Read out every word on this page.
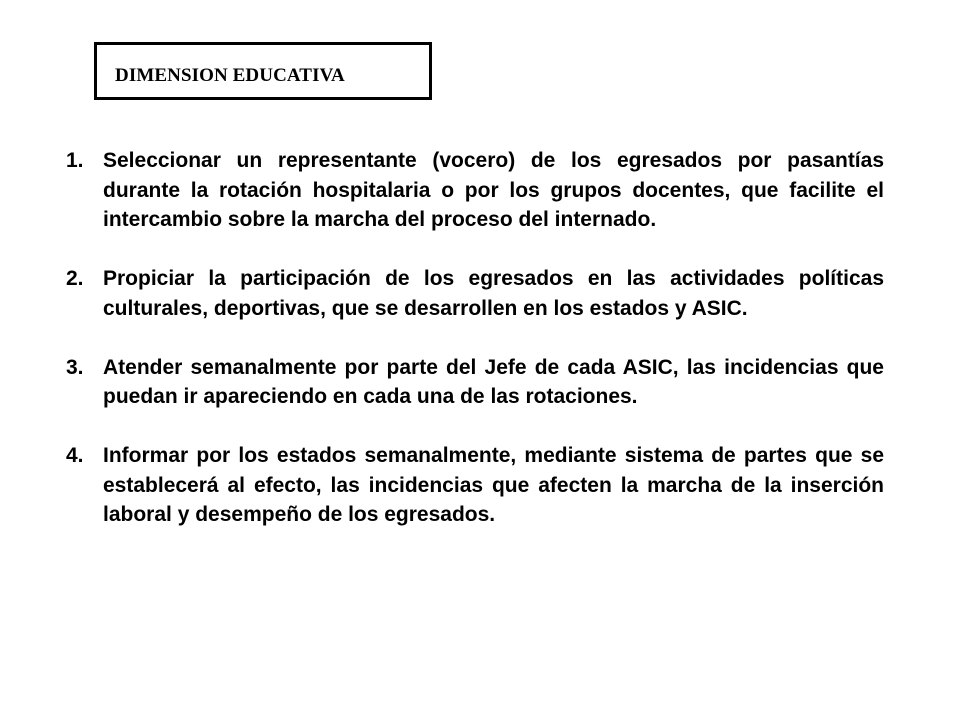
DIMENSION EDUCATIVA
1. Seleccionar un representante (vocero) de los egresados por pasantías durante la rotación hospitalaria o por los grupos docentes, que facilite el intercambio sobre la marcha del proceso del internado.
2. Propiciar la participación de los egresados en las actividades políticas culturales, deportivas, que se desarrollen en los estados y ASIC.
3. Atender semanalmente por parte del Jefe de cada ASIC, las incidencias que puedan ir apareciendo en cada una de las rotaciones.
4. Informar por los estados semanalmente, mediante sistema de partes que se establecerá al efecto, las incidencias que afecten la marcha de la inserción laboral y desempeño de los egresados.
